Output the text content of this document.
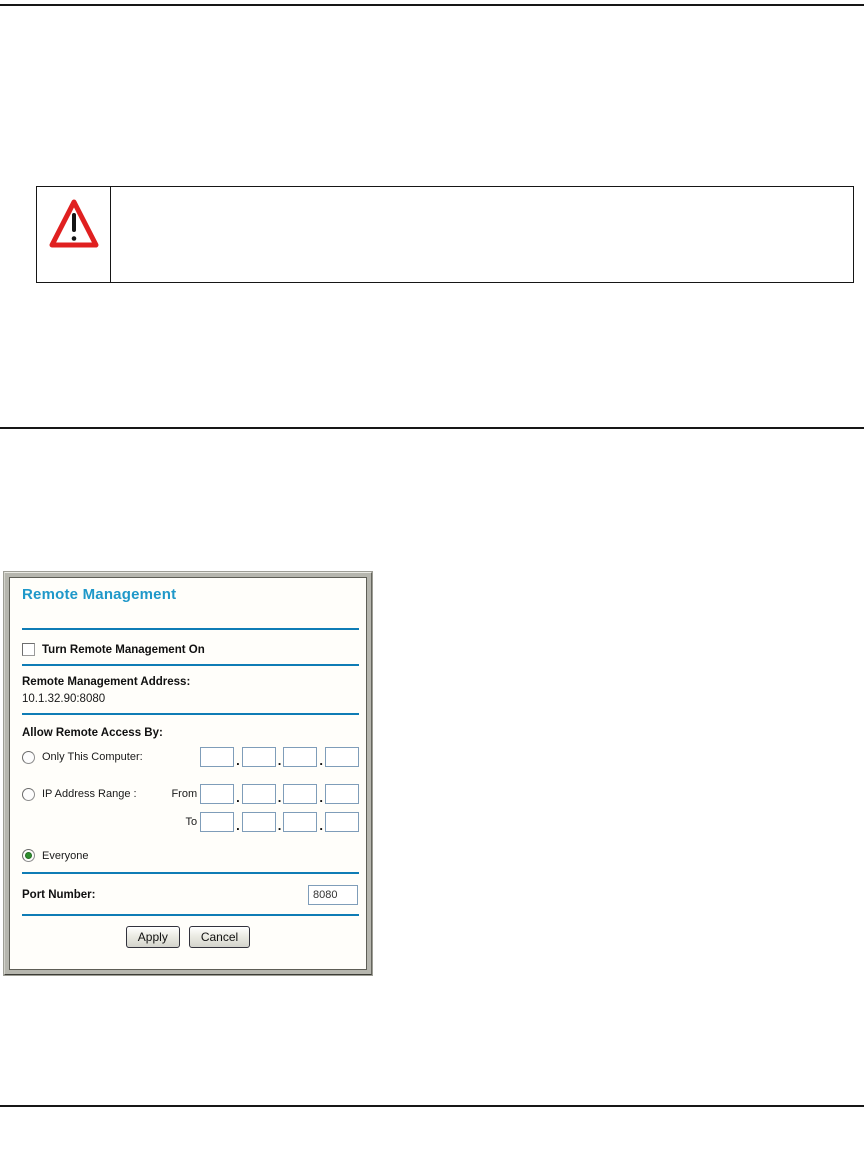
Remote Management
Turn Remote Management On
Remote Management Address:
10.1.32.90:8080
Allow Remote Access By:
Only This Computer:	.	.	.
IP Address Range :	From	.	.	.
To	.	.	.
Everyone
Port Number:
8080
Apply	Cancel
